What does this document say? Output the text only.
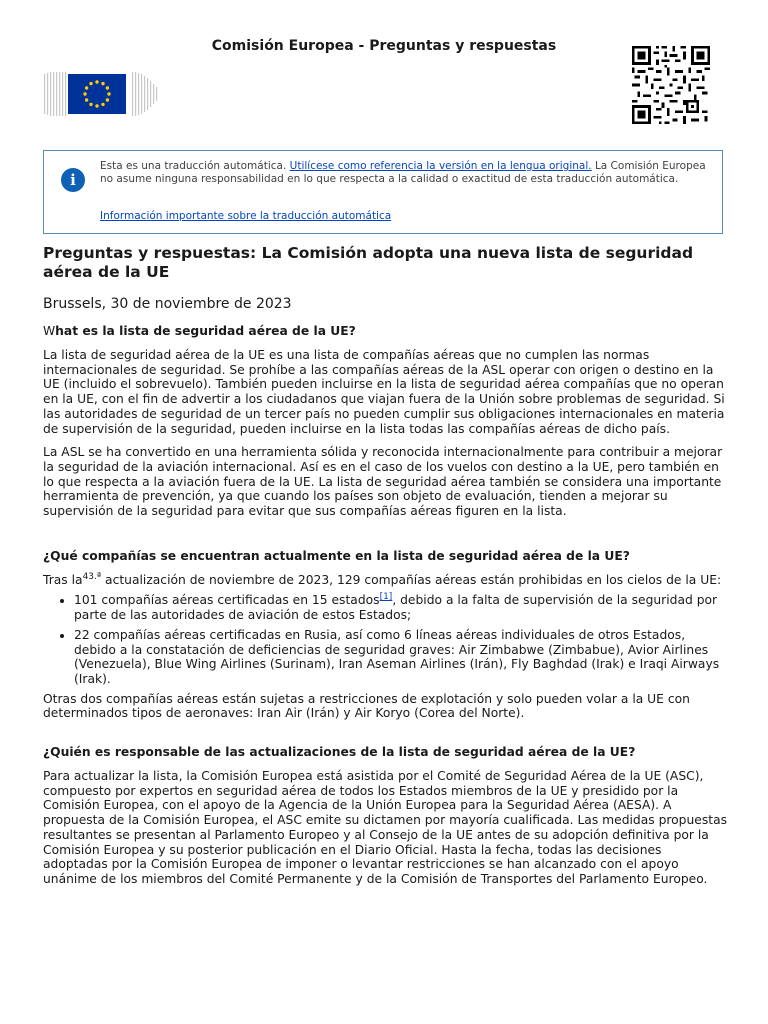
Comisión Europea - Preguntas y respuestas
i
Esta es una traducción automática. Utilícese como referencia la versión en la lengua original. La Comisión Europea no asume ninguna responsabilidad en lo que respecta a la calidad o exactitud de esta traducción automática.
Información importante sobre la traducción automática
Preguntas y respuestas: La Comisión adopta una nueva lista de seguridad aérea de la UE
Brussels, 30 de noviembre de 2023
What es la lista de seguridad aérea de la UE?

La lista de seguridad aérea de la UE es una lista de compañías aéreas que no cumplen las normas internacionales de seguridad. Se prohíbe a las compañías aéreas de la ASL operar con origen o destino en la UE (incluido el sobrevuelo). También pueden incluirse en la lista de seguridad aérea compañías que no operan en la UE, con el fin de advertir a los ciudadanos que viajan fuera de la Unión sobre problemas de seguridad. Si las autoridades de seguridad de un tercer país no pueden cumplir sus obligaciones internacionales en materia de supervisión de la seguridad, pueden incluirse en la lista todas las compañías aéreas de dicho país.

La ASL se ha convertido en una herramienta sólida y reconocida internacionalmente para contribuir a mejorar la seguridad de la aviación internacional. Así es en el caso de los vuelos con destino a la UE, pero también en lo que respecta a la aviación fuera de la UE. La lista de seguridad aérea también se considera una importante herramienta de prevención, ya que cuando los países son objeto de evaluación, tienden a mejorar su supervisión de la seguridad para evitar que sus compañías aéreas figuren en la lista.

¿Qué compañías se encuentran actualmente en la lista de seguridad aérea de la UE?

Tras $la^{43.ª}$ actualización de noviembre de 2023, 129 compañías aéreas están prohibidas en los cielos de la UE:

• 101 compañías aéreas certificadas en 15 estados[1], debido a la falta de supervisión de la seguridad por parte de las autoridades de aviación de estos Estados;
• 22 compañías aéreas certificadas en Rusia, así como 6 líneas aéreas individuales de otros Estados, debido a la constatación de deficiencias de seguridad graves: Air Zimbabwe (Zimbabue), Avior Airlines (Venezuela), Blue Wing Airlines (Surinam), Iran Aseman Airlines (Irán), Fly Baghdad (Irak) e Iraqi Airways (Irak).

Otras dos compañías aéreas están sujetas a restricciones de explotación y solo pueden volar a la UE con determinados tipos de aeronaves: Iran Air (Irán) y Air Koryo (Corea del Norte).

¿Quién es responsable de las actualizaciones de la lista de seguridad aérea de la UE?

Para actualizar la lista, la Comisión Europea está asistida por el Comité de Seguridad Aérea de la UE (ASC), compuesto por expertos en seguridad aérea de todos los Estados miembros de la UE y presidido por la Comisión Europea, con el apoyo de la Agencia de la Unión Europea para la Seguridad Aérea (AESA). A propuesta de la Comisión Europea, el ASC emite su dictamen por mayoría cualificada. Las medidas propuestas resultantes se presentan al Parlamento Europeo y al Consejo de la UE antes de su adopción definitiva por la Comisión Europea y su posterior publicación en el Diario Oficial. Hasta la fecha, todas las decisiones adoptadas por la Comisión Europea de imponer o levantar restricciones se han alcanzado con el apoyo unánime de los miembros del Comité Permanente y de la Comisión de Transportes del Parlamento Europeo.
